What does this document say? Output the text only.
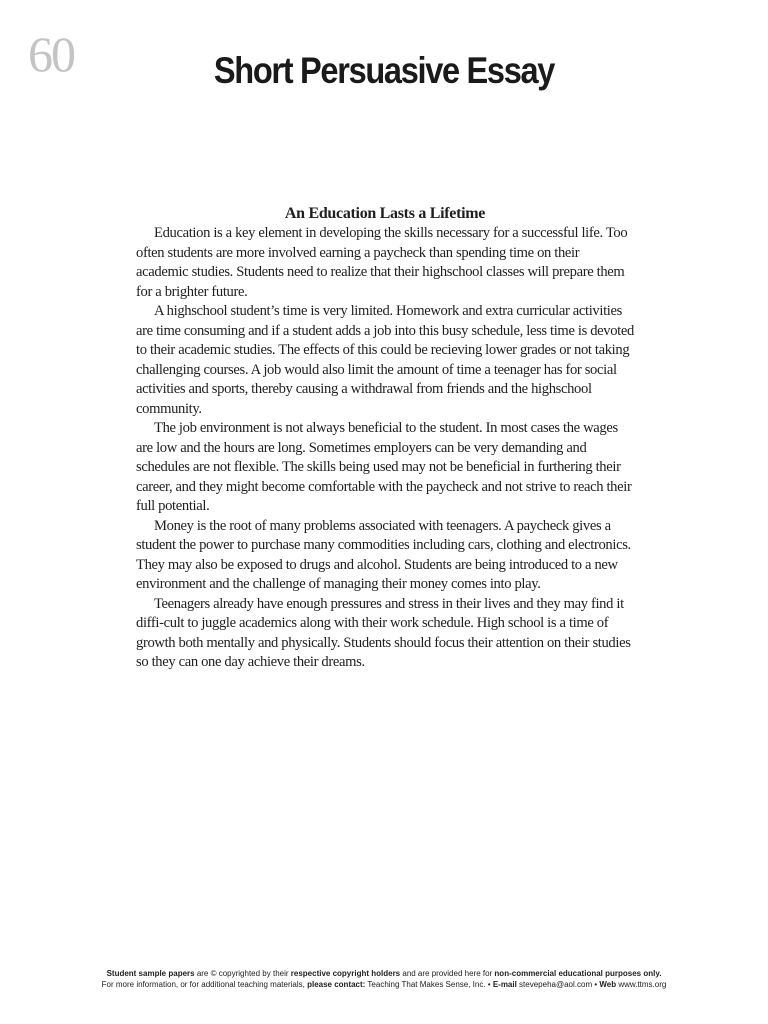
60	Short Persuasive Essay
An Education Lasts a Lifetime

Education is a key element in developing the skills necessary for a successful life. Too often students are more involved earning a paycheck than spending time on their academic studies. Students need to realize that their highschool classes will prepare them for a brighter future.

A highschool student’s time is very limited. Homework and extra curricular activities are time consuming and if a student adds a job into this busy schedule, less time is devoted to their academic studies. The effects of this could be recieving lower grades or not taking challenging courses. A job would also limit the amount of time a teenager has for social activities and sports, thereby causing a withdrawal from friends and the highschool community.

The job environment is not always beneficial to the student. In most cases the wages are low and the hours are long. Sometimes employers can be very demanding and schedules are not flexible. The skills being used may not be beneficial in furthering their career, and they might become comfortable with the paycheck and not strive to reach their full potential.

Money is the root of many problems associated with teenagers. A paycheck gives a student the power to purchase many commodities including cars, clothing and electronics. They may also be exposed to drugs and alcohol. Students are being introduced to a new environment and the challenge of managing their money comes into play.

Teenagers already have enough pressures and stress in their lives and they may find it diffi-cult to juggle academics along with their work schedule. High school is a time of growth both mentally and physically. Students should focus their attention on their studies so they can one day achieve their dreams.

Student sample papers are © copyrighted by their respective copyright holders and are provided here for non-commercial educational purposes only.
For more information, or for additional teaching materials, please contact: Teaching That Makes Sense, Inc. • E-mail stevepeha@aol.com • Web www.ttms.org
